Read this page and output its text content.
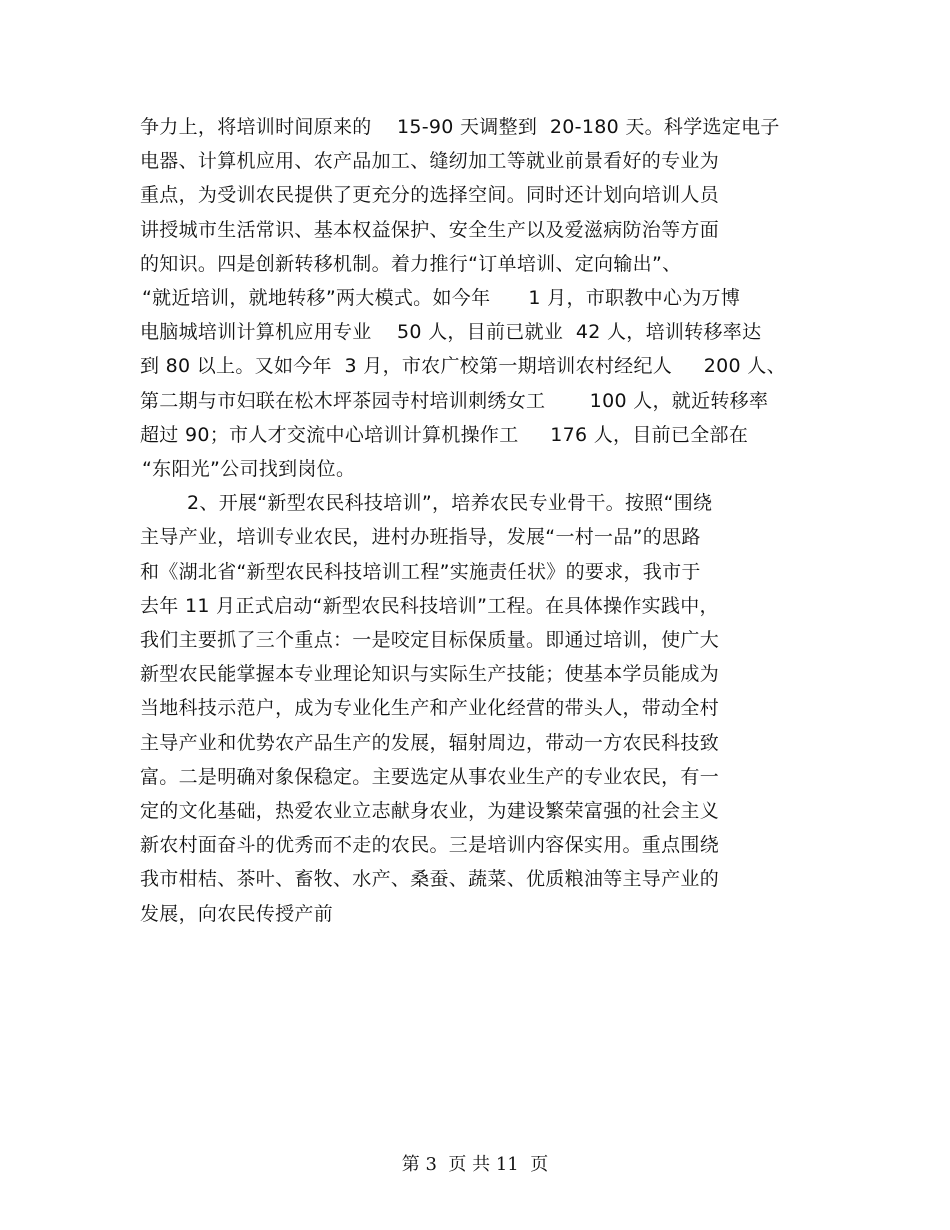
争力上，将培训时间原来的    15-90 天调整到  20-180 天。科学选定电子
电器、计算机应用、农产品加工、缝纫加工等就业前景看好的专业为
重点，为受训农民提供了更充分的选择空间。同时还计划向培训人员
讲授城市生活常识、基本权益保护、安全生产以及爱滋病防治等方面
的知识。四是创新转移机制。着力推行“订单培训、定向输出”、
“就近培训，就地转移”两大模式。如今年      1 月，市职教中心为万博
电脑城培训计算机应用专业    50 人，目前已就业  42 人，培训转移率达
到 80 以上。又如今年  3 月，市农广校第一期培训农村经纪人     200 人、
第二期与市妇联在松木坪茶园寺村培训刺绣女工       100 人，就近转移率
超过 90；市人才交流中心培训计算机操作工     176 人，目前已全部在
“东阳光”公司找到岗位。
2、开展“新型农民科技培训”，培养农民专业骨干。按照“围绕
主导产业，培训专业农民，进村办班指导，发展“一村一品”的思路
和《湖北省“新型农民科技培训工程”实施责任状》的要求，我市于
去年 11 月正式启动“新型农民科技培训”工程。在具体操作实践中，
我们主要抓了三个重点：一是咬定目标保质量。即通过培训，使广大
新型农民能掌握本专业理论知识与实际生产技能；使基本学员能成为
当地科技示范户，成为专业化生产和产业化经营的带头人，带动全村
主导产业和优势农产品生产的发展，辐射周边，带动一方农民科技致
富。二是明确对象保稳定。主要选定从事农业生产的专业农民，有一
定的文化基础，热爱农业立志献身农业，为建设繁荣富强的社会主义
新农村面奋斗的优秀而不走的农民。三是培训内容保实用。重点围绕
我市柑桔、茶叶、畜牧、水产、桑蚕、蔬菜、优质粮油等主导产业的
发展，向农民传授产前
第 3  页 共 11  页
